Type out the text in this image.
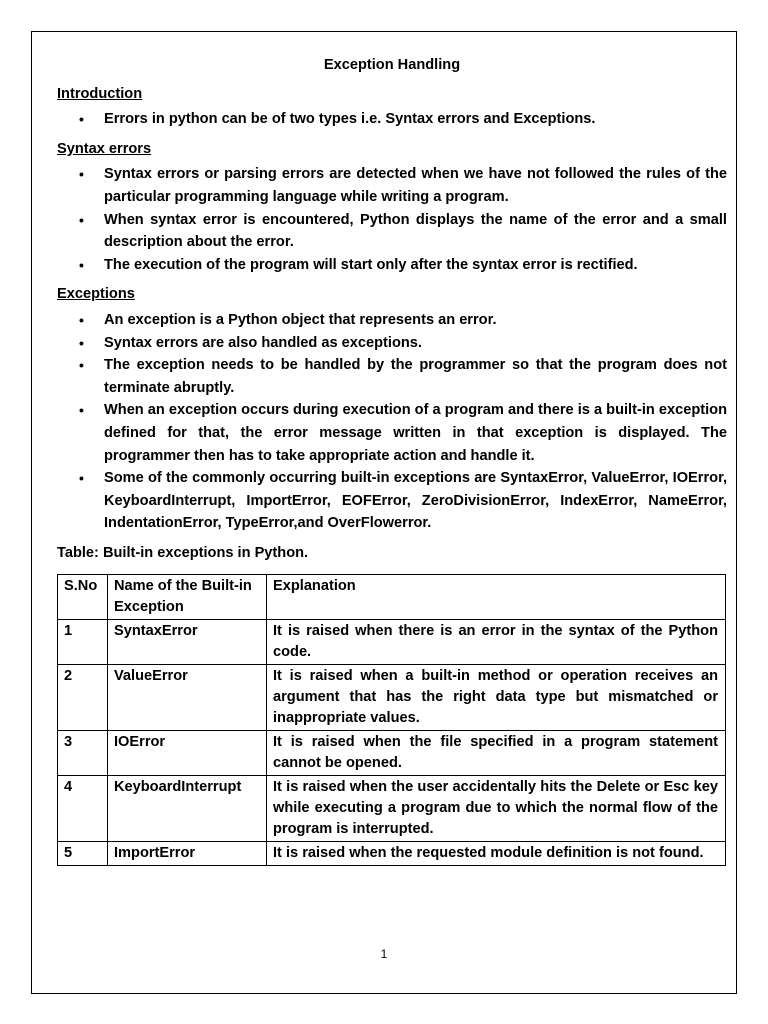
Exception Handling
Introduction
• Errors in python can be of two types i.e. Syntax errors and Exceptions.
Syntax errors
• Syntax errors or parsing errors are detected when we have not followed the rules of the particular programming language while writing a program.
• When syntax error is encountered, Python displays the name of the error and a small description about the error.
• The execution of the program will start only after the syntax error is rectified.
Exceptions
• An exception is a Python object that represents an error.
• Syntax errors are also handled as exceptions.
• The exception needs to be handled by the programmer so that the program does not terminate abruptly.
• When an exception occurs during execution of a program and there is a built-in exception defined for that, the error message written in that exception is displayed. The programmer then has to take appropriate action and handle it.
• Some of the commonly occurring built-in exceptions are SyntaxError, ValueError, IOError, KeyboardInterrupt, ImportError, EOFError, ZeroDivisionError, IndexError, NameError, IndentationError, TypeError,and OverFlowerror.
Table: Built-in exceptions in Python.
S.No	Name of the Built-in Exception	Explanation
1	SyntaxError	It is raised when there is an error in the syntax of the Python code.
2	ValueError	It is raised when a built-in method or operation receives an argument that has the right data type but mismatched or inappropriate values.
3	IOError	It is raised when the file specified in a program statement cannot be opened.
4	KeyboardInterrupt	It is raised when the user accidentally hits the Delete or Esc key while executing a program due to which the normal flow of the program is interrupted.
5	ImportError	It is raised when the requested module definition is not found.
1
